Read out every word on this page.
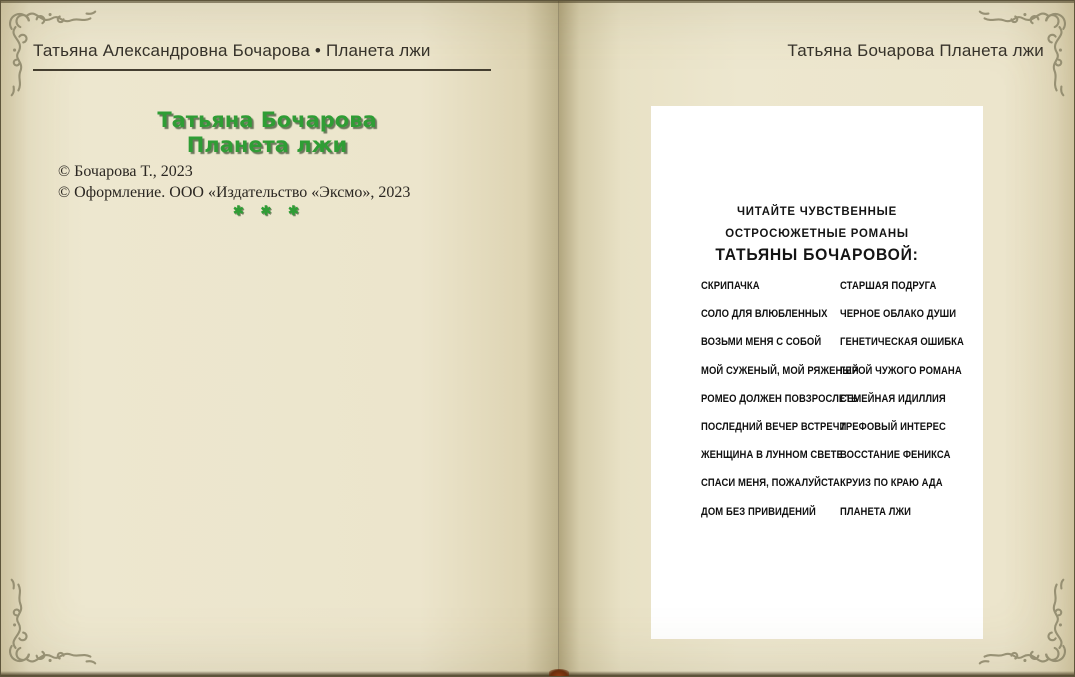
Татьяна Александровна Бочарова • Планета лжи
Татьяна Бочарова
Планета лжи
© Бочарова Т., 2023
© Оформление. ООО «Издательство «Эксмо», 2023
✱ ✱ ✱
Татьяна Бочарова Планета лжи
ЧИТАЙТЕ ЧУВСТВЕННЫЕ
ОСТРОСЮЖЕТНЫЕ РОМАНЫ
ТАТЬЯНЫ БОЧАРОВОЙ:
СКРИПАЧКА
СОЛО ДЛЯ ВЛЮБЛЕННЫХ
ВОЗЬМИ МЕНЯ С СОБОЙ
МОЙ СУЖЕНЫЙ, МОЙ РЯЖЕНЫЙ
РОМЕО ДОЛЖЕН ПОВЗРОСЛЕТЬ
ПОСЛЕДНИЙ ВЕЧЕР ВСТРЕЧИ
ЖЕНЩИНА В ЛУННОМ СВЕТЕ
СПАСИ МЕНЯ, ПОЖАЛУЙСТА!
ДОМ БЕЗ ПРИВИДЕНИЙ
СТАРШАЯ ПОДРУГА
ЧЕРНОЕ ОБЛАКО ДУШИ
ГЕНЕТИЧЕСКАЯ ОШИБКА
ГЕРОЙ ЧУЖОГО РОМАНА
СЕМЕЙНАЯ ИДИЛЛИЯ
ТРЕФОВЫЙ ИНТЕРЕС
ВОССТАНИЕ ФЕНИКСА
КРУИЗ ПО КРАЮ АДА
ПЛАНЕТА ЛЖИ
